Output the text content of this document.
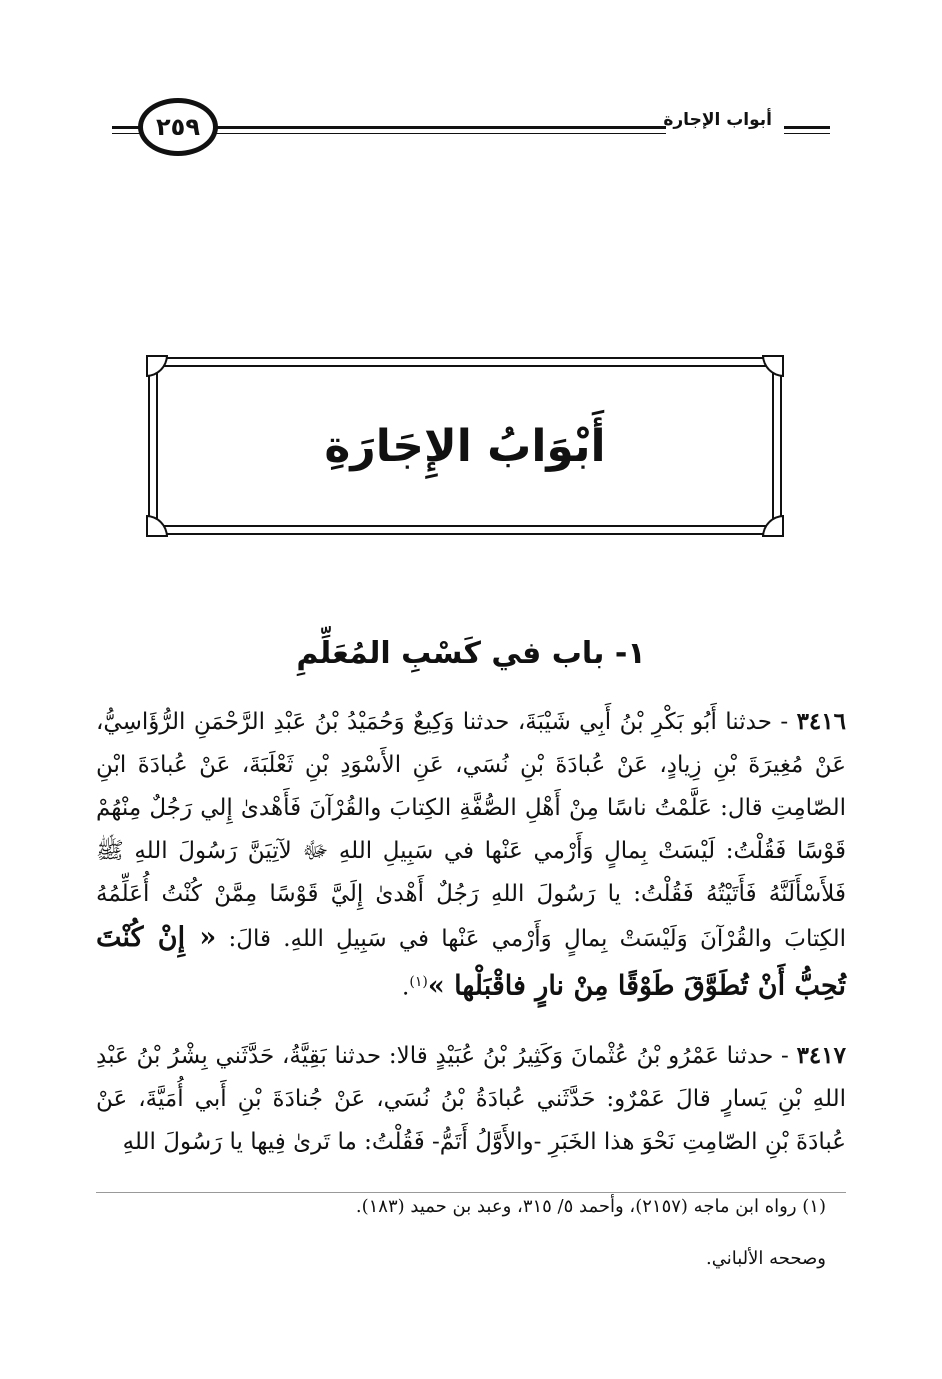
أبواب الإجارة
٢٥٩
أَبْوَابُ الإِجَارَةِ
١- باب في كَسْبِ المُعَلِّمِ

٣٤١٦ - حدثنا أَبُو بَكْرِ بْنُ أَبِي شَيْبَةَ، حدثنا وَكِيعٌ وَحُمَيْدُ بْنُ عَبْدِ الرَّحْمَنِ الرُّؤَاسِيُّ، عَنْ مُغِيرَةَ بْنِ زِيادٍ، عَنْ عُبادَةَ بْنِ نُسَي، عَنِ الأَسْوَدِ بْنِ ثَعْلَبَةَ، عَنْ عُبادَةَ ابْنِ الصّامِتِ قال: عَلَّمْتُ ناسًا مِنْ أَهْلِ الصُّفَّةِ الكِتابَ والقُرْآنَ فَأَهْدىٰ إِلي رَجُلٌ مِنْهُمْ قَوْسًا فَقُلْتُ: لَيْسَتْ بِمالٍ وَأَرْمي عَنْها في سَبِيلِ اللهِ ﷻ لآتِيَنَّ رَسُولَ اللهِ ﷺ فَلأَسْأَلَنَّهُ فَأَتَيْتُهُ فَقُلْتُ: يا رَسُولَ اللهِ رَجُلٌ أَهْدىٰ إِلَيَّ قَوْسًا مِمَّنْ كُنْتُ أُعَلِّمُهُ الكِتابَ والقُرْآنَ وَلَيْسَتْ بِمالٍ وَأَرْمي عَنْها في سَبِيلِ اللهِ. قالَ: « إِنْ كُنْتَ تُحِبُّ أَنْ تُطَوَّقَ طَوْقًا مِنْ نارٍ فاقْبَلْها »$^{(١)}$.

٣٤١٧ - حدثنا عَمْرُو بْنُ عُثْمانَ وَكَثِيرُ بْنُ عُبَيْدٍ قالا: حدثنا بَقِيَّةُ، حَدَّثَني بِشْرُ بْنُ عَبْدِ اللهِ بْنِ يَسارٍ قالَ عَمْرٌو: حَدَّثَني عُبادَةُ بْنُ نُسَي، عَنْ جُنادَةَ بْنِ أَبي أُمَيَّةَ، عَنْ عُبادَةَ بْنِ الصّامِتِ نَحْوَ هذا الخَبَرِ -والأَوَّلُ أَتَمُّ- فَقُلْتُ: ما تَرىٰ فِيها يا رَسُولَ اللهِ

(١) رواه ابن ماجه (٢١٥٧)، وأحمد ٥/ ٣١٥، وعبد بن حميد (١٨٣).
وصححه الألباني.
